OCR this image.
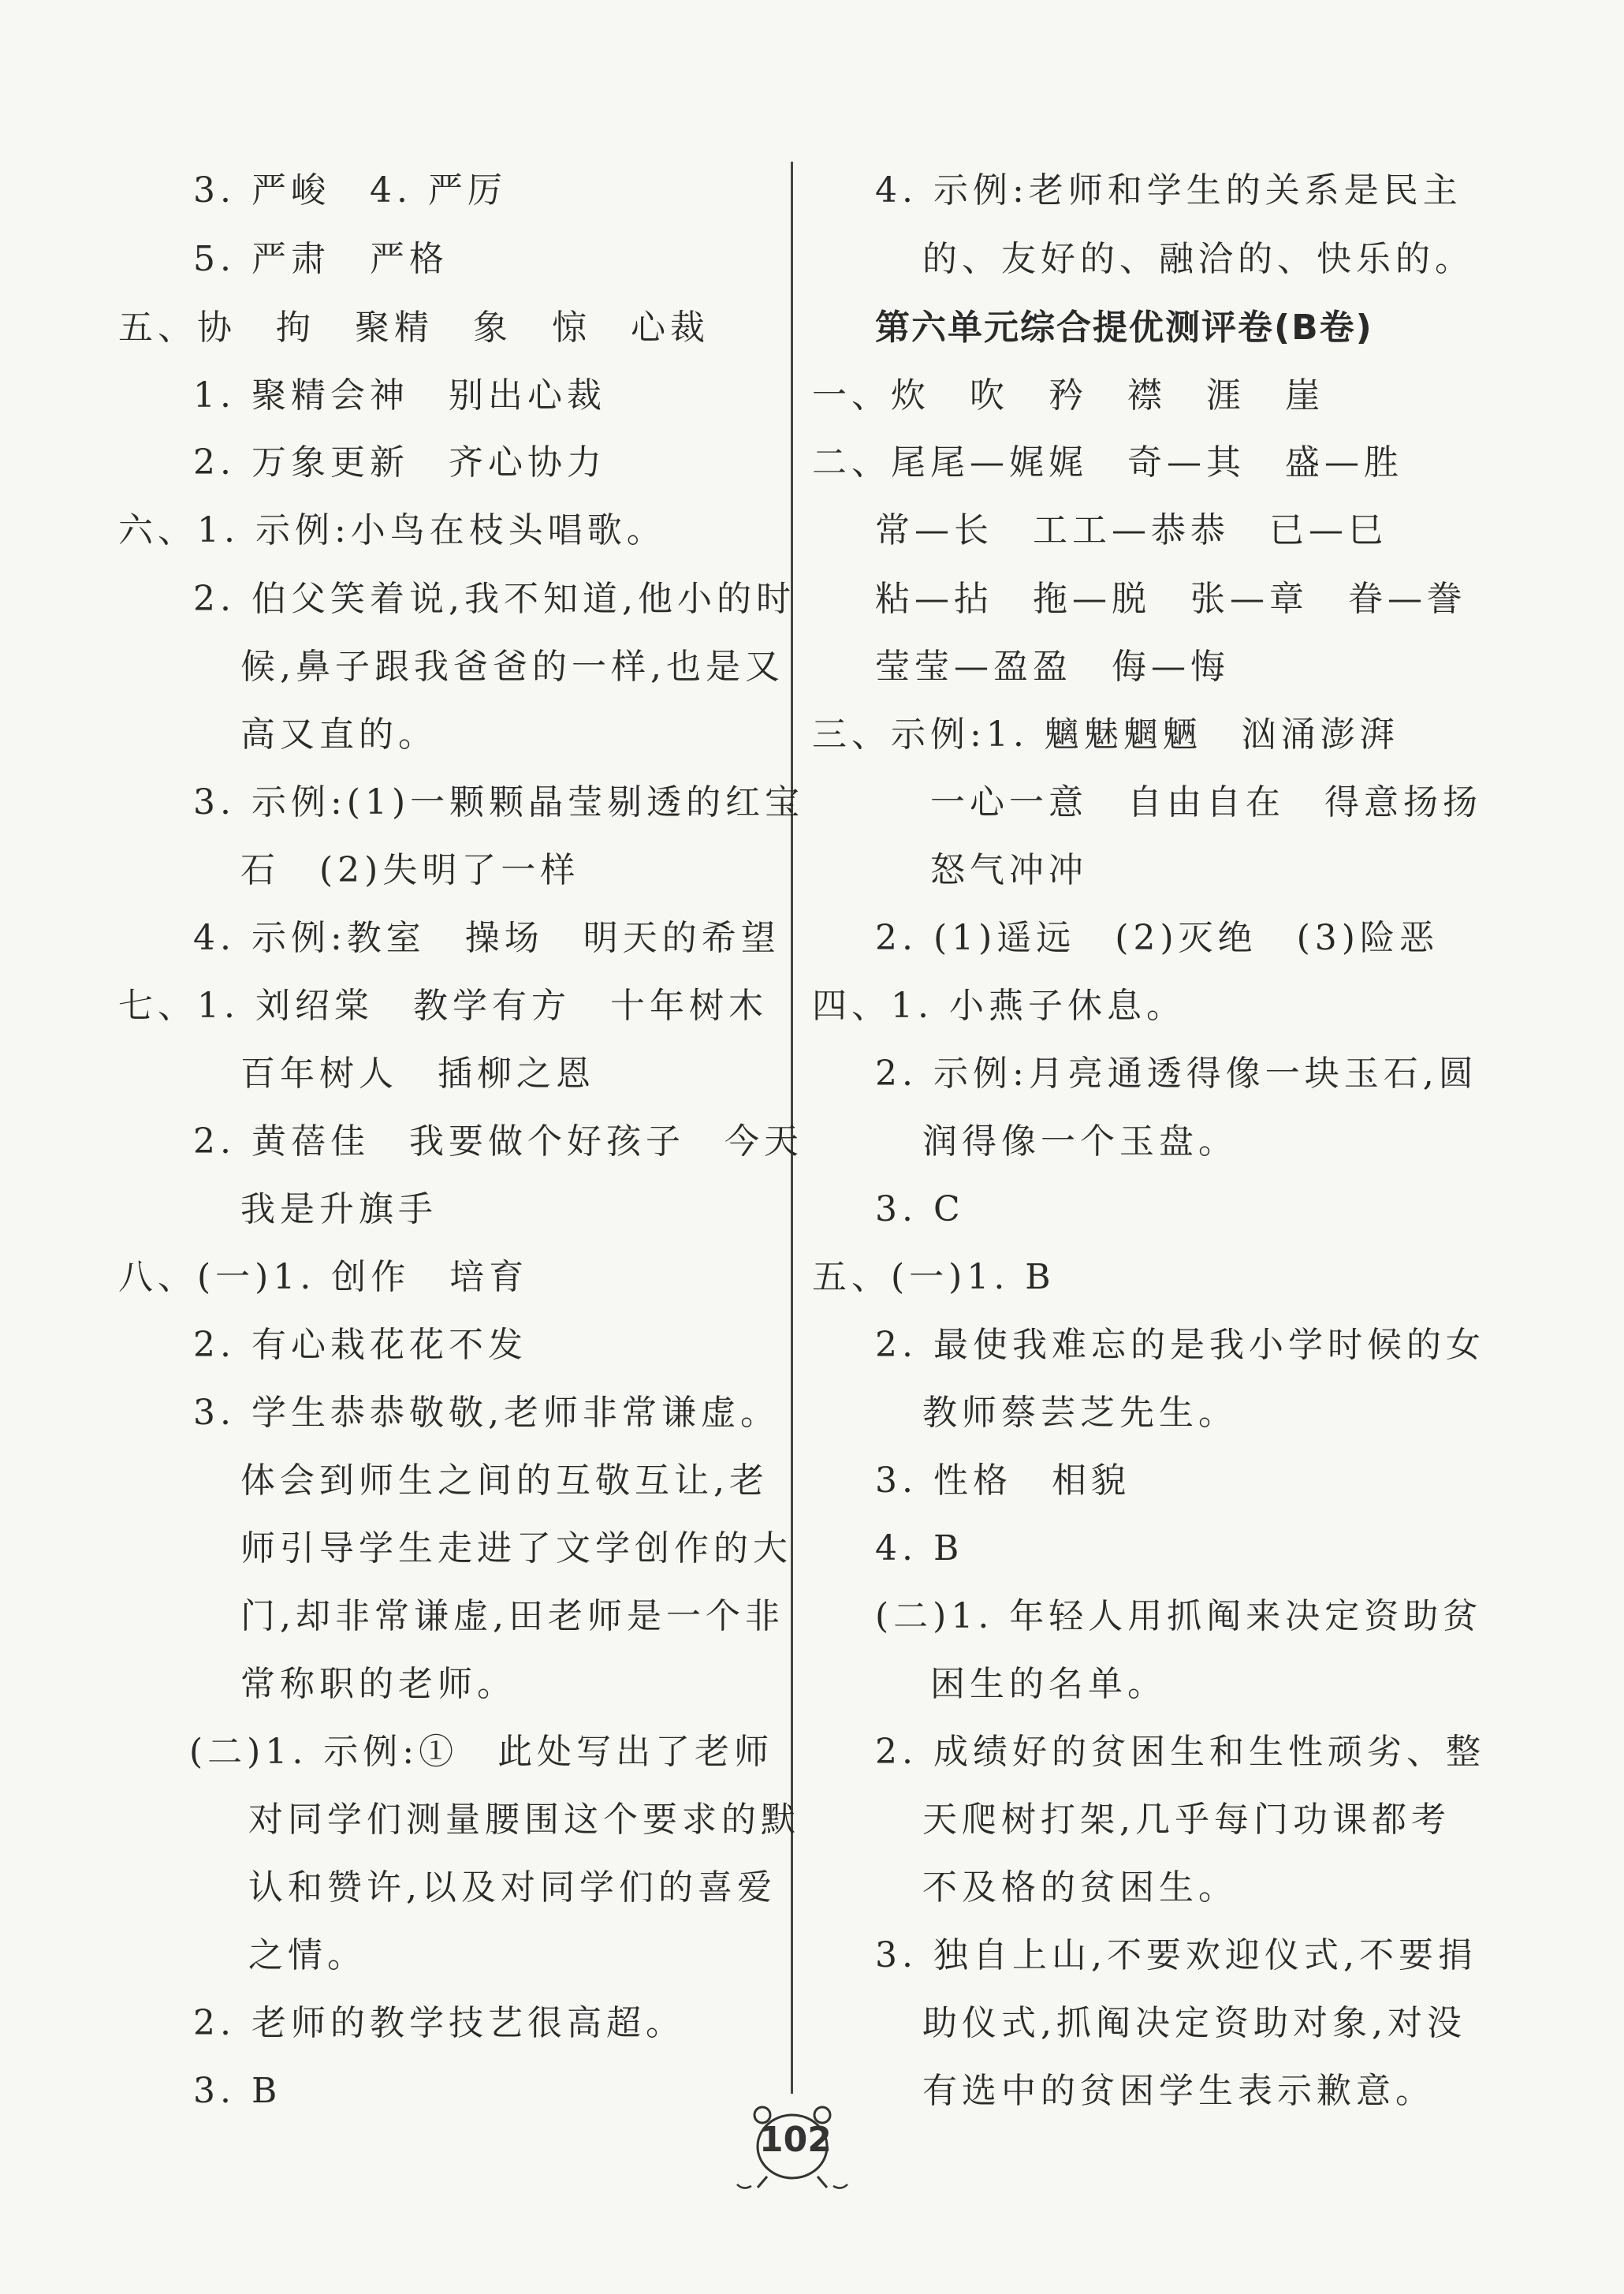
3. 严峻　4. 严厉
5. 严肃　严格
五、协　拘　聚精　象　惊　心裁
1. 聚精会神　别出心裁
2. 万象更新　齐心协力
六、1. 示例:小鸟在枝头唱歌。
2. 伯父笑着说,我不知道,他小的时
候,鼻子跟我爸爸的一样,也是又
高又直的。
3. 示例:(1)一颗颗晶莹剔透的红宝
石　(2)失明了一样
4. 示例:教室　操场　明天的希望
七、1. 刘绍棠　教学有方　十年树木
百年树人　插柳之恩
2. 黄蓓佳　我要做个好孩子　今天
我是升旗手
八、(一)1. 创作　培育
2. 有心栽花花不发
3. 学生恭恭敬敬,老师非常谦虚。
体会到师生之间的互敬互让,老
师引导学生走进了文学创作的大
门,却非常谦虚,田老师是一个非
常称职的老师。
(二)1. 示例:①　此处写出了老师
对同学们测量腰围这个要求的默
认和赞许,以及对同学们的喜爱
之情。
2. 老师的教学技艺很高超。
3. B
4. 示例:老师和学生的关系是民主
的、友好的、融洽的、快乐的。
第六单元综合提优测评卷(B卷)
一、炊　吹　矜　襟　涯　崖
二、尾尾—娓娓　奇—其　盛—胜
常—长　工工—恭恭　已—巳
粘—拈　拖—脱　张—章　眷—誊
莹莹—盈盈　侮—悔
三、示例:1. 魑魅魍魉　汹涌澎湃
一心一意　自由自在　得意扬扬
怒气冲冲
2. (1)遥远　(2)灭绝　(3)险恶
四、1. 小燕子休息。
2. 示例:月亮通透得像一块玉石,圆
润得像一个玉盘。
3. C
五、(一)1. B
2. 最使我难忘的是我小学时候的女
教师蔡芸芝先生。
3. 性格　相貌
4. B
(二)1. 年轻人用抓阄来决定资助贫
困生的名单。
2. 成绩好的贫困生和生性顽劣、整
天爬树打架,几乎每门功课都考
不及格的贫困生。
3. 独自上山,不要欢迎仪式,不要捐
助仪式,抓阄决定资助对象,对没
有选中的贫困学生表示歉意。
102
